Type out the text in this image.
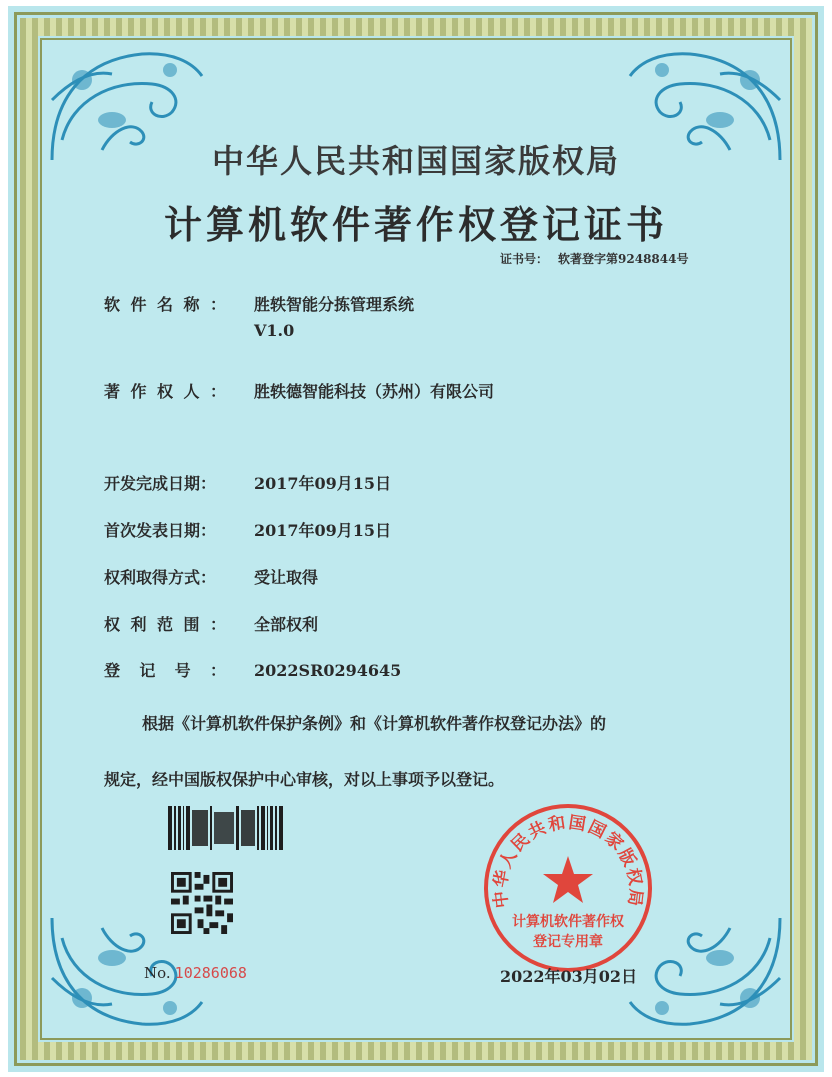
中华人民共和国国家版权局
计算机软件著作权登记证书
证书号： 软著登字第9248844号
软件名称： 胜轶智能分拣管理系统
V1.0
著作权人： 胜轶德智能科技（苏州）有限公司
开发完成日期： 2017年09月15日
首次发表日期： 2017年09月15日
权利取得方式： 受让取得
权利范围： 全部权利
登记号： 2022SR0294645
根据《计算机软件保护条例》和《计算机软件著作权登记办法》的
规定，经中国版权保护中心审核，对以上事项予以登记。
No. 10286068
中华人民共和国国家版权局
计算机软件著作权
登记专用章
2022年03月02日
